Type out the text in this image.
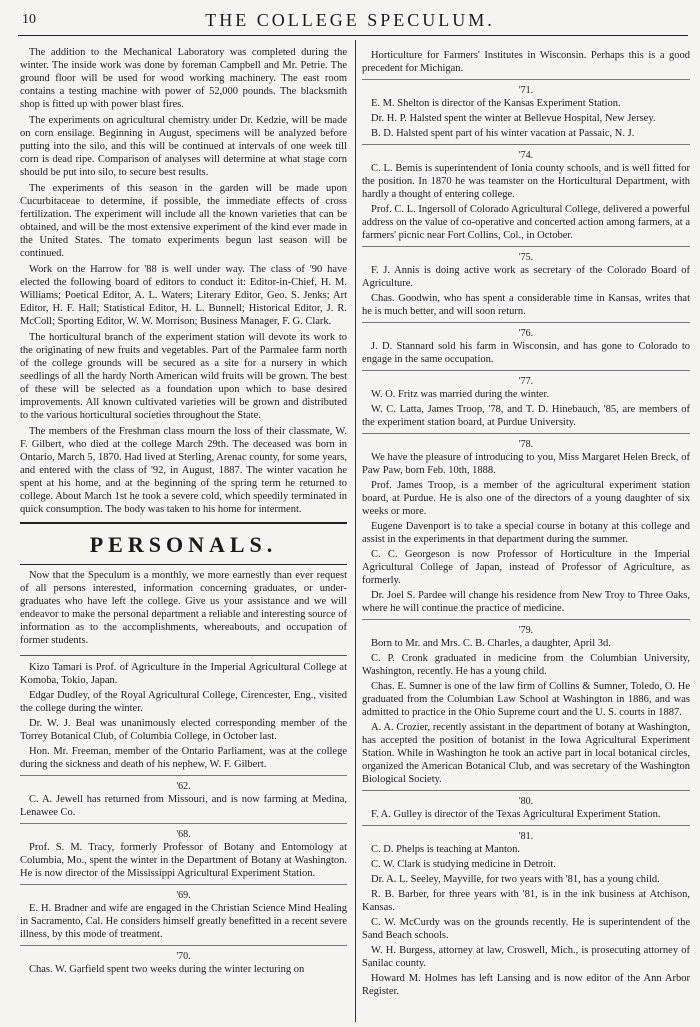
10	THE COLLEGE SPECULUM.

The addition to the Mechanical Laboratory was completed during the winter. The inside work was done by foreman Campbell and Mr. Petrie. The ground floor will be used for wood working machinery. The east room contains a testing machine with power of 52,000 pounds. The blacksmith shop is fitted up with power blast fires.

The experiments on agricultural chemistry under Dr. Kedzie, will be made on corn ensilage. Beginning in August, specimens will be analyzed before putting into the silo, and this will be continued at intervals of one week till corn is dead ripe. Comparison of analyses will determine at what stage corn should be put into silo, to secure best results.

The experiments of this season in the garden will be made upon Cucurbitaceae to determine, if possible, the immediate effects of cross fertilization. The experiment will include all the known varieties that can be obtained, and will be the most extensive experiment of the kind ever made in the United States. The tomato experiments begun last season will be continued.

Work on the Harrow for '88 is well under way. The class of '90 have elected the following board of editors to conduct it: Editor-in-Chief, H. M. Williams; Poetical Editor, A. L. Waters; Literary Editor, Geo. S. Jenks; Art Editor, H. F. Hall; Statistical Editor, H. L. Bunnell; Historical Editor, J. R. McColl; Sporting Editor, W. W. Morrison; Business Manager, F. G. Clark.

The horticultural branch of the experiment station will devote its work to the originating of new fruits and vegetables. Part of the Parmalee farm north of the college grounds will be secured as a site for a nursery in which seedlings of all the hardy North American wild fruits will be grown. The best of these will be selected as a foundation upon which to base desired improvements. All known cultivated varieties will be grown and distributed to the various horticultural societies throughout the State.

The members of the Freshman class mourn the loss of their classmate, W. F. Gilbert, who died at the college March 29th. The deceased was born in Ontario, March 5, 1870. Had lived at Sterling, Arenac county, for some years, and entered with the class of '92, in August, 1887. The winter vacation he spent at his home, and at the beginning of the spring term he returned to college. About March 1st he took a severe cold, which speedily terminated in quick consumption. The body was taken to his home for interment.

PERSONALS.

Now that the Speculum is a monthly, we more earnestly than ever request of all persons interested, information concerning graduates, or under-graduates who have left the college. Give us your assistance and we will endeavor to make the personal department a reliable and interesting source of information as to the accomplishments, whereabouts, and occupation of former students.

Kizo Tamari is Prof. of Agriculture in the Imperial Agricultural College at Komoba, Tokio, Japan.

Edgar Dudley, of the Royal Agricultural College, Cirencester, Eng., visited the college during the winter.

Dr. W. J. Beal was unanimously elected corresponding member of the Torrey Botanical Club, of Columbia College, in October last.

Hon. Mr. Freeman, member of the Ontario Parliament, was at the college during the sickness and death of his nephew, W. F. Gilbert.

'62.

C. A. Jewell has returned from Missouri, and is now farming at Medina, Lenawee Co.

'68.

Prof. S. M. Tracy, formerly Professor of Botany and Entomology at Columbia, Mo., spent the winter in the Department of Botany at Washington. He is now director of the Mississippi Agricultural Experiment Station.

'69.

E. H. Bradner and wife are engaged in the Christian Science Mind Healing in Sacramento, Cal. He considers himself greatly benefitted in a recent severe illness, by this mode of treatment.

'70.

Chas. W. Garfield spent two weeks during the winter lecturing on

Horticulture for Farmers' Institutes in Wisconsin. Perhaps this is a good precedent for Michigan.

'71.

E. M. Shelton is director of the Kansas Experiment Station.

Dr. H. P. Halsted spent the winter at Bellevue Hospital, New Jersey.

B. D. Halsted spent part of his winter vacation at Passaic, N. J.

'74.

C. L. Bemis is superintendent of Ionia county schools, and is well fitted for the position. In 1870 he was teamster on the Horticultural Department, with hardly a thought of entering college.

Prof. C. L. Ingersoll of Colorado Agricultural College, delivered a powerful address on the value of co-operative and concerted action among farmers, at a farmers' picnic near Fort Collins, Col., in October.

'75.

F. J. Annis is doing active work as secretary of the Colorado Board of Agriculture.

Chas. Goodwin, who has spent a considerable time in Kansas, writes that he is much better, and will soon return.

'76.

J. D. Stannard sold his farm in Wisconsin, and has gone to Colorado to engage in the same occupation.

'77.

W. O. Fritz was married during the winter.

W. C. Latta, James Troop, '78, and T. D. Hinebauch, '85, are members of the experiment station board, at Purdue University.

'78.

We have the pleasure of introducing to you, Miss Margaret Helen Breck, of Paw Paw, born Feb. 10th, 1888.

Prof. James Troop, is a member of the agricultural experiment station board, at Purdue. He is also one of the directors of a young daughter of six weeks or more.

Eugene Davenport is to take a special course in botany at this college and assist in the experiments in that department during the summer.

C. C. Georgeson is now Professor of Horticulture in the Imperial Agricultural College of Japan, instead of Professor of Agriculture, as formerly.

Dr. Joel S. Pardee will change his residence from New Troy to Three Oaks, where he will continue the practice of medicine.

'79.

Born to Mr. and Mrs. C. B. Charles, a daughter, April 3d.

C. P. Cronk graduated in medicine from the Columbian University, Washington, recently. He has a young child.

Chas. E. Sumner is one of the law firm of Collins & Sumner, Toledo, O. He graduated from the Columbian Law School at Washington in 1886, and was admitted to practice in the Ohio Supreme court and the U. S. courts in 1887.

A. A. Crozier, recently assistant in the department of botany at Washington, has accepted the position of botanist in the Iowa Agricultural Experiment Station. While in Washington he took an active part in local botanical circles, organized the American Botanical Club, and was secretary of the Washington Biological Society.

'80.

F. A. Gulley is director of the Texas Agricultural Experiment Station.

'81.

C. D. Phelps is teaching at Manton.

C. W. Clark is studying medicine in Detroit.

Dr. A. L. Seeley, Mayville, for two years with '81, has a young child.

R. B. Barber, for three years with '81, is in the ink business at Atchison, Kansas.

C. W. McCurdy was on the grounds recently. He is superintendent of the Sand Beach schools.

W. H. Burgess, attorney at law, Croswell, Mich., is prosecuting attorney of Sanilac county.

Howard M. Holmes has left Lansing and is now editor of the Ann Arbor Register.
